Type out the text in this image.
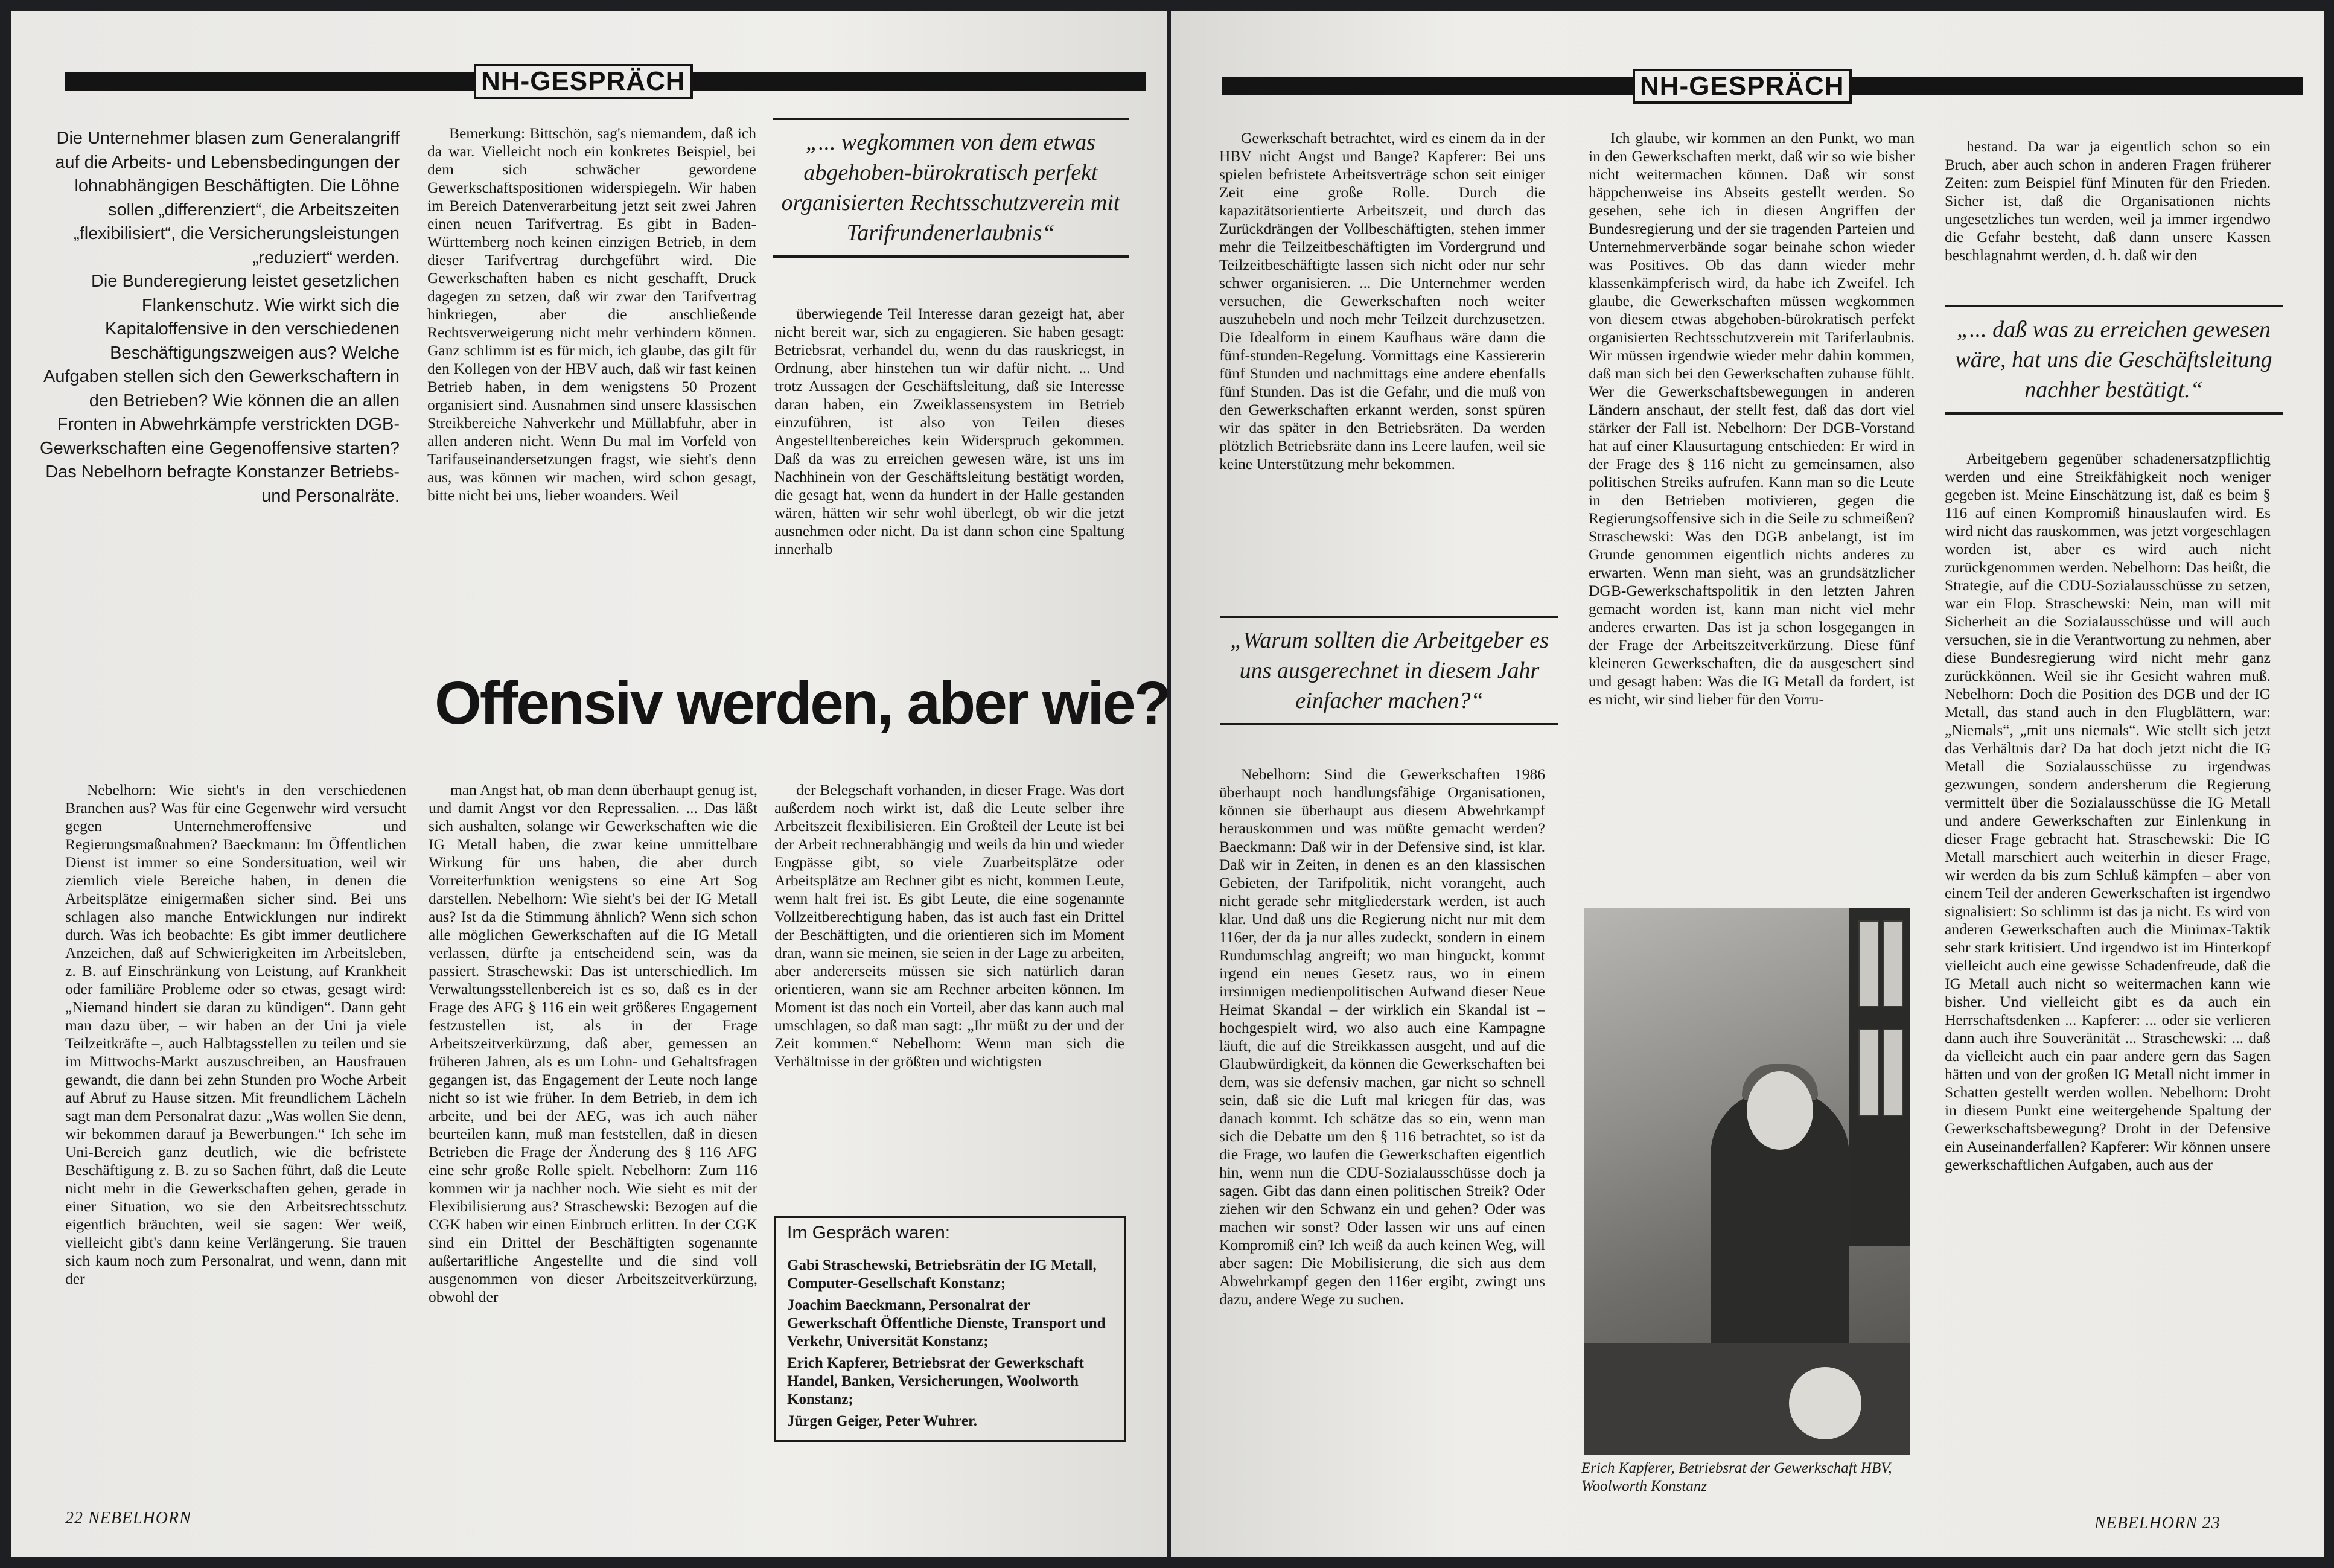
NH-GESPRÄCH

Die Unternehmer blasen zum Generalangriff auf die Arbeits- und Lebensbedingungen der lohnabhängigen Beschäftigten. Die Löhne sollen „differenziert“, die Arbeitszeiten „flexibilisiert“, die Versicherungsleistungen „reduziert“ werden.

Die Bunderegierung leistet gesetzlichen Flankenschutz. Wie wirkt sich die Kapitaloffensive in den verschiedenen Beschäftigungszweigen aus? Welche Aufgaben stellen sich den Gewerkschaftern in den Betrieben? Wie können die an allen Fronten in Abwehrkämpfe verstrickten DGB-Gewerkschaften eine Gegenoffensive starten?

Das Nebelhorn befragte Konstanzer Betriebs- und Personalräte.

Bemerkung: Bittschön, sag's niemandem, daß ich da war. Vielleicht noch ein konkretes Beispiel, bei dem sich schwächer gewordene Gewerkschaftspositionen widerspiegeln. Wir haben im Bereich Datenverarbeitung jetzt seit zwei Jahren einen neuen Tarifvertrag. Es gibt in Baden-Württemberg noch keinen einzigen Betrieb, in dem dieser Tarifvertrag durchgeführt wird. Die Gewerkschaften haben es nicht geschafft, Druck dagegen zu setzen, daß wir zwar den Tarifvertrag hinkriegen, aber die anschließende Rechtsverweigerung nicht mehr verhindern können. Ganz schlimm ist es für mich, ich glaube, das gilt für den Kollegen von der HBV auch, daß wir fast keinen Betrieb haben, in dem wenigstens 50 Prozent organisiert sind. Ausnahmen sind unsere klassischen Streikbereiche Nahverkehr und Müllabfuhr, aber in allen anderen nicht. Wenn Du mal im Vorfeld von Tarifauseinandersetzungen fragst, wie sieht's denn aus, was können wir machen, wird schon gesagt, bitte nicht bei uns, lieber woanders. Weil

„... wegkommen von dem etwas abgehoben-bürokratisch perfekt organisierten Rechtsschutzverein mit Tarifrundenerlaubnis“

überwiegende Teil Interesse daran gezeigt hat, aber nicht bereit war, sich zu engagieren. Sie haben gesagt: Betriebsrat, verhandel du, wenn du das rauskriegst, in Ordnung, aber hinstehen tun wir dafür nicht. ... Und trotz Aussagen der Geschäftsleitung, daß sie Interesse daran haben, ein Zweiklassensystem im Betrieb einzuführen, ist also von Teilen dieses Angestelltenbereiches kein Widerspruch gekommen. Daß da was zu erreichen gewesen wäre, ist uns im Nachhinein von der Geschäftsleitung bestätigt worden, die gesagt hat, wenn da hundert in der Halle gestanden wären, hätten wir sehr wohl überlegt, ob wir die jetzt ausnehmen oder nicht. Da ist dann schon eine Spaltung innerhalb

Offensiv werden, aber wie?

Nebelhorn: Wie sieht's in den verschiedenen Branchen aus? Was für eine Gegenwehr wird versucht gegen Unternehmeroffensive und Regierungsmaßnahmen? Baeckmann: Im Öffentlichen Dienst ist immer so eine Sondersituation, weil wir ziemlich viele Bereiche haben, in denen die Arbeitsplätze einigermaßen sicher sind. Bei uns schlagen also manche Entwicklungen nur indirekt durch. Was ich beobachte: Es gibt immer deutlichere Anzeichen, daß auf Schwierigkeiten im Arbeitsleben, z. B. auf Einschränkung von Leistung, auf Krankheit oder familiäre Probleme oder so etwas, gesagt wird: „Niemand hindert sie daran zu kündigen“. Dann geht man dazu über, – wir haben an der Uni ja viele Teilzeitkräfte –, auch Halbtagsstellen zu teilen und sie im Mittwochs-Markt auszuschreiben, an Hausfrauen gewandt, die dann bei zehn Stunden pro Woche Arbeit auf Abruf zu Hause sitzen. Mit freundlichem Lächeln sagt man dem Personalrat dazu: „Was wollen Sie denn, wir bekommen darauf ja Bewerbungen.“ Ich sehe im Uni-Bereich ganz deutlich, wie die befristete Beschäftigung z. B. zu so Sachen führt, daß die Leute nicht mehr in die Gewerkschaften gehen, gerade in einer Situation, wo sie den Arbeitsrechtsschutz eigentlich bräuchten, weil sie sagen: Wer weiß, vielleicht gibt's dann keine Verlängerung. Sie trauen sich kaum noch zum Personalrat, und wenn, dann mit der

man Angst hat, ob man denn überhaupt genug ist, und damit Angst vor den Repressalien. ... Das läßt sich aushalten, solange wir Gewerkschaften wie die IG Metall haben, die zwar keine unmittelbare Wirkung für uns haben, die aber durch Vorreiterfunktion wenigstens so eine Art Sog darstellen. Nebelhorn: Wie sieht's bei der IG Metall aus? Ist da die Stimmung ähnlich? Wenn sich schon alle möglichen Gewerkschaften auf die IG Metall verlassen, dürfte ja entscheidend sein, was da passiert. Straschewski: Das ist unterschiedlich. Im Verwaltungsstellenbereich ist es so, daß es in der Frage des AFG § 116 ein weit größeres Engagement festzustellen ist, als in der Frage Arbeitszeitverkürzung, daß aber, gemessen an früheren Jahren, als es um Lohn- und Gehaltsfragen gegangen ist, das Engagement der Leute noch lange nicht so ist wie früher. In dem Betrieb, in dem ich arbeite, und bei der AEG, was ich auch näher beurteilen kann, muß man feststellen, daß in diesen Betrieben die Frage der Änderung des § 116 AFG eine sehr große Rolle spielt. Nebelhorn: Zum 116 kommen wir ja nachher noch. Wie sieht es mit der Flexibilisierung aus? Straschewski: Bezogen auf die CGK haben wir einen Einbruch erlitten. In der CGK sind ein Drittel der Beschäftigten sogenannte außertarifliche Angestellte und die sind voll ausgenommen von dieser Arbeitszeitverkürzung, obwohl der

der Belegschaft vorhanden, in dieser Frage. Was dort außerdem noch wirkt ist, daß die Leute selber ihre Arbeitszeit flexibilisieren. Ein Großteil der Leute ist bei der Arbeit rechnerabhängig und weils da hin und wieder Engpässe gibt, so viele Zuarbeitsplätze oder Arbeitsplätze am Rechner gibt es nicht, kommen Leute, wenn halt frei ist. Es gibt Leute, die eine sogenannte Vollzeitberechtigung haben, das ist auch fast ein Drittel der Beschäftigten, und die orientieren sich im Moment dran, wann sie meinen, sie seien in der Lage zu arbeiten, aber andererseits müssen sie sich natürlich daran orientieren, wann sie am Rechner arbeiten können. Im Moment ist das noch ein Vorteil, aber das kann auch mal umschlagen, so daß man sagt: „Ihr müßt zu der und der Zeit kommen.“ Nebelhorn: Wenn man sich die Verhältnisse in der größten und wichtigsten

Im Gespräch waren:

Gabi Straschewski, Betriebsrätin der IG Metall, Computer-Gesellschaft Konstanz;

Joachim Baeckmann, Personalrat der Gewerkschaft Öffentliche Dienste, Transport und Verkehr, Universität Konstanz;

Erich Kapferer, Betriebsrat der Gewerkschaft Handel, Banken, Versicherungen, Woolworth Konstanz;

Jürgen Geiger, Peter Wuhrer.

22 NEBELHORN
NH-GESPRÄCH

Gewerkschaft betrachtet, wird es einem da in der HBV nicht Angst und Bange? Kapferer: Bei uns spielen befristete Arbeitsverträge schon seit einiger Zeit eine große Rolle. Durch die kapazitätsorientierte Arbeitszeit, und durch das Zurückdrängen der Vollbeschäftigten, stehen immer mehr die Teilzeitbeschäftigten im Vordergrund und Teilzeitbeschäftigte lassen sich nicht oder nur sehr schwer organisieren. ... Die Unternehmer werden versuchen, die Gewerkschaften noch weiter auszuhebeln und noch mehr Teilzeit durchzusetzen. Die Idealform in einem Kaufhaus wäre dann die fünf-stunden-Regelung. Vormittags eine Kassiererin fünf Stunden und nachmittags eine andere ebenfalls fünf Stunden. Das ist die Gefahr, und die muß von den Gewerkschaften erkannt werden, sonst spüren wir das später in den Betriebsräten. Da werden plötzlich Betriebsräte dann ins Leere laufen, weil sie keine Unterstützung mehr bekommen.

„Warum sollten die Arbeitgeber es uns ausgerechnet in diesem Jahr einfacher machen?“

Nebelhorn: Sind die Gewerkschaften 1986 überhaupt noch handlungsfähige Organisationen, können sie überhaupt aus diesem Abwehrkampf herauskommen und was müßte gemacht werden? Baeckmann: Daß wir in der Defensive sind, ist klar. Daß wir in Zeiten, in denen es an den klassischen Gebieten, der Tarifpolitik, nicht vorangeht, auch nicht gerade sehr mitgliederstark werden, ist auch klar. Und daß uns die Regierung nicht nur mit dem 116er, der da ja nur alles zudeckt, sondern in einem Rundumschlag angreift; wo man hinguckt, kommt irgend ein neues Gesetz raus, wo in einem irrsinnigen medienpolitischen Aufwand dieser Neue Heimat Skandal – der wirklich ein Skandal ist – hochgespielt wird, wo also auch eine Kampagne läuft, die auf die Streikkassen ausgeht, und auf die Glaubwürdigkeit, da können die Gewerkschaften bei dem, was sie defensiv machen, gar nicht so schnell sein, daß sie die Luft mal kriegen für das, was danach kommt. Ich schätze das so ein, wenn man sich die Debatte um den § 116 betrachtet, so ist da die Frage, wo laufen die Gewerkschaften eigentlich hin, wenn nun die CDU-Sozialausschüsse doch ja sagen. Gibt das dann einen politischen Streik? Oder ziehen wir den Schwanz ein und gehen? Oder was machen wir sonst? Oder lassen wir uns auf einen Kompromiß ein? Ich weiß da auch keinen Weg, will aber sagen: Die Mobilisierung, die sich aus dem Abwehrkampf gegen den 116er ergibt, zwingt uns dazu, andere Wege zu suchen.

Ich glaube, wir kommen an den Punkt, wo man in den Gewerkschaften merkt, daß wir so wie bisher nicht weitermachen können. Daß wir sonst häppchenweise ins Abseits gestellt werden. So gesehen, sehe ich in diesen Angriffen der Bundesregierung und der sie tragenden Parteien und Unternehmerverbände sogar beinahe schon wieder was Positives. Ob das dann wieder mehr klassenkämpferisch wird, da habe ich Zweifel. Ich glaube, die Gewerkschaften müssen wegkommen von diesem etwas abgehoben-bürokratisch perfekt organisierten Rechtsschutzverein mit Tariferlaubnis. Wir müssen irgendwie wieder mehr dahin kommen, daß man sich bei den Gewerkschaften zuhause fühlt. Wer die Gewerkschaftsbewegungen in anderen Ländern anschaut, der stellt fest, daß das dort viel stärker der Fall ist. Nebelhorn: Der DGB-Vorstand hat auf einer Klausurtagung entschieden: Er wird in der Frage des § 116 nicht zu gemeinsamen, also politischen Streiks aufrufen. Kann man so die Leute in den Betrieben motivieren, gegen die Regierungsoffensive sich in die Seile zu schmeißen? Straschewski: Was den DGB anbelangt, ist im Grunde genommen eigentlich nichts anderes zu erwarten. Wenn man sieht, was an grundsätzlicher DGB-Gewerkschaftspolitik in den letzten Jahren gemacht worden ist, kann man nicht viel mehr anderes erwarten. Das ist ja schon losgegangen in der Frage der Arbeitszeitverkürzung. Diese fünf kleineren Gewerkschaften, die da ausgeschert sind und gesagt haben: Was die IG Metall da fordert, ist es nicht, wir sind lieber für den Vorru-

Erich Kapferer, Betriebsrat der Gewerkschaft HBV, Woolworth Konstanz

hestand. Da war ja eigentlich schon so ein Bruch, aber auch schon in anderen Fragen früherer Zeiten: zum Beispiel fünf Minuten für den Frieden. Sicher ist, daß die Organisationen nichts ungesetzliches tun werden, weil ja immer irgendwo die Gefahr besteht, daß dann unsere Kassen beschlagnahmt werden, d. h. daß wir den

„... daß was zu erreichen gewesen wäre, hat uns die Geschäftsleitung nachher bestätigt.“

Arbeitgebern gegenüber schadenersatzpflichtig werden und eine Streikfähigkeit noch weniger gegeben ist. Meine Einschätzung ist, daß es beim § 116 auf einen Kompromiß hinauslaufen wird. Es wird nicht das rauskommen, was jetzt vorgeschlagen worden ist, aber es wird auch nicht zurückgenommen werden. Nebelhorn: Das heißt, die Strategie, auf die CDU-Sozialausschüsse zu setzen, war ein Flop. Straschewski: Nein, man will mit Sicherheit an die Sozialausschüsse und will auch versuchen, sie in die Verantwortung zu nehmen, aber diese Bundesregierung wird nicht mehr ganz zurückkönnen. Weil sie ihr Gesicht wahren muß. Nebelhorn: Doch die Position des DGB und der IG Metall, das stand auch in den Flugblättern, war: „Niemals“, „mit uns niemals“. Wie stellt sich jetzt das Verhältnis dar? Da hat doch jetzt nicht die IG Metall die Sozialausschüsse zu irgendwas gezwungen, sondern andersherum die Regierung vermittelt über die Sozialausschüsse die IG Metall und andere Gewerkschaften zur Einlenkung in dieser Frage gebracht hat. Straschewski: Die IG Metall marschiert auch weiterhin in dieser Frage, wir werden da bis zum Schluß kämpfen – aber von einem Teil der anderen Gewerkschaften ist irgendwo signalisiert: So schlimm ist das ja nicht. Es wird von anderen Gewerkschaften auch die Minimax-Taktik sehr stark kritisiert. Und irgendwo ist im Hinterkopf vielleicht auch eine gewisse Schadenfreude, daß die IG Metall auch nicht so weitermachen kann wie bisher. Und vielleicht gibt es da auch ein Herrschaftsdenken ... Kapferer: ... oder sie verlieren dann auch ihre Souveränität ... Straschewski: ... daß da vielleicht auch ein paar andere gern das Sagen hätten und von der großen IG Metall nicht immer in Schatten gestellt werden wollen. Nebelhorn: Droht in diesem Punkt eine weitergehende Spaltung der Gewerkschaftsbewegung? Droht in der Defensive ein Auseinanderfallen? Kapferer: Wir können unsere gewerkschaftlichen Aufgaben, auch aus der

NEBELHORN 23
